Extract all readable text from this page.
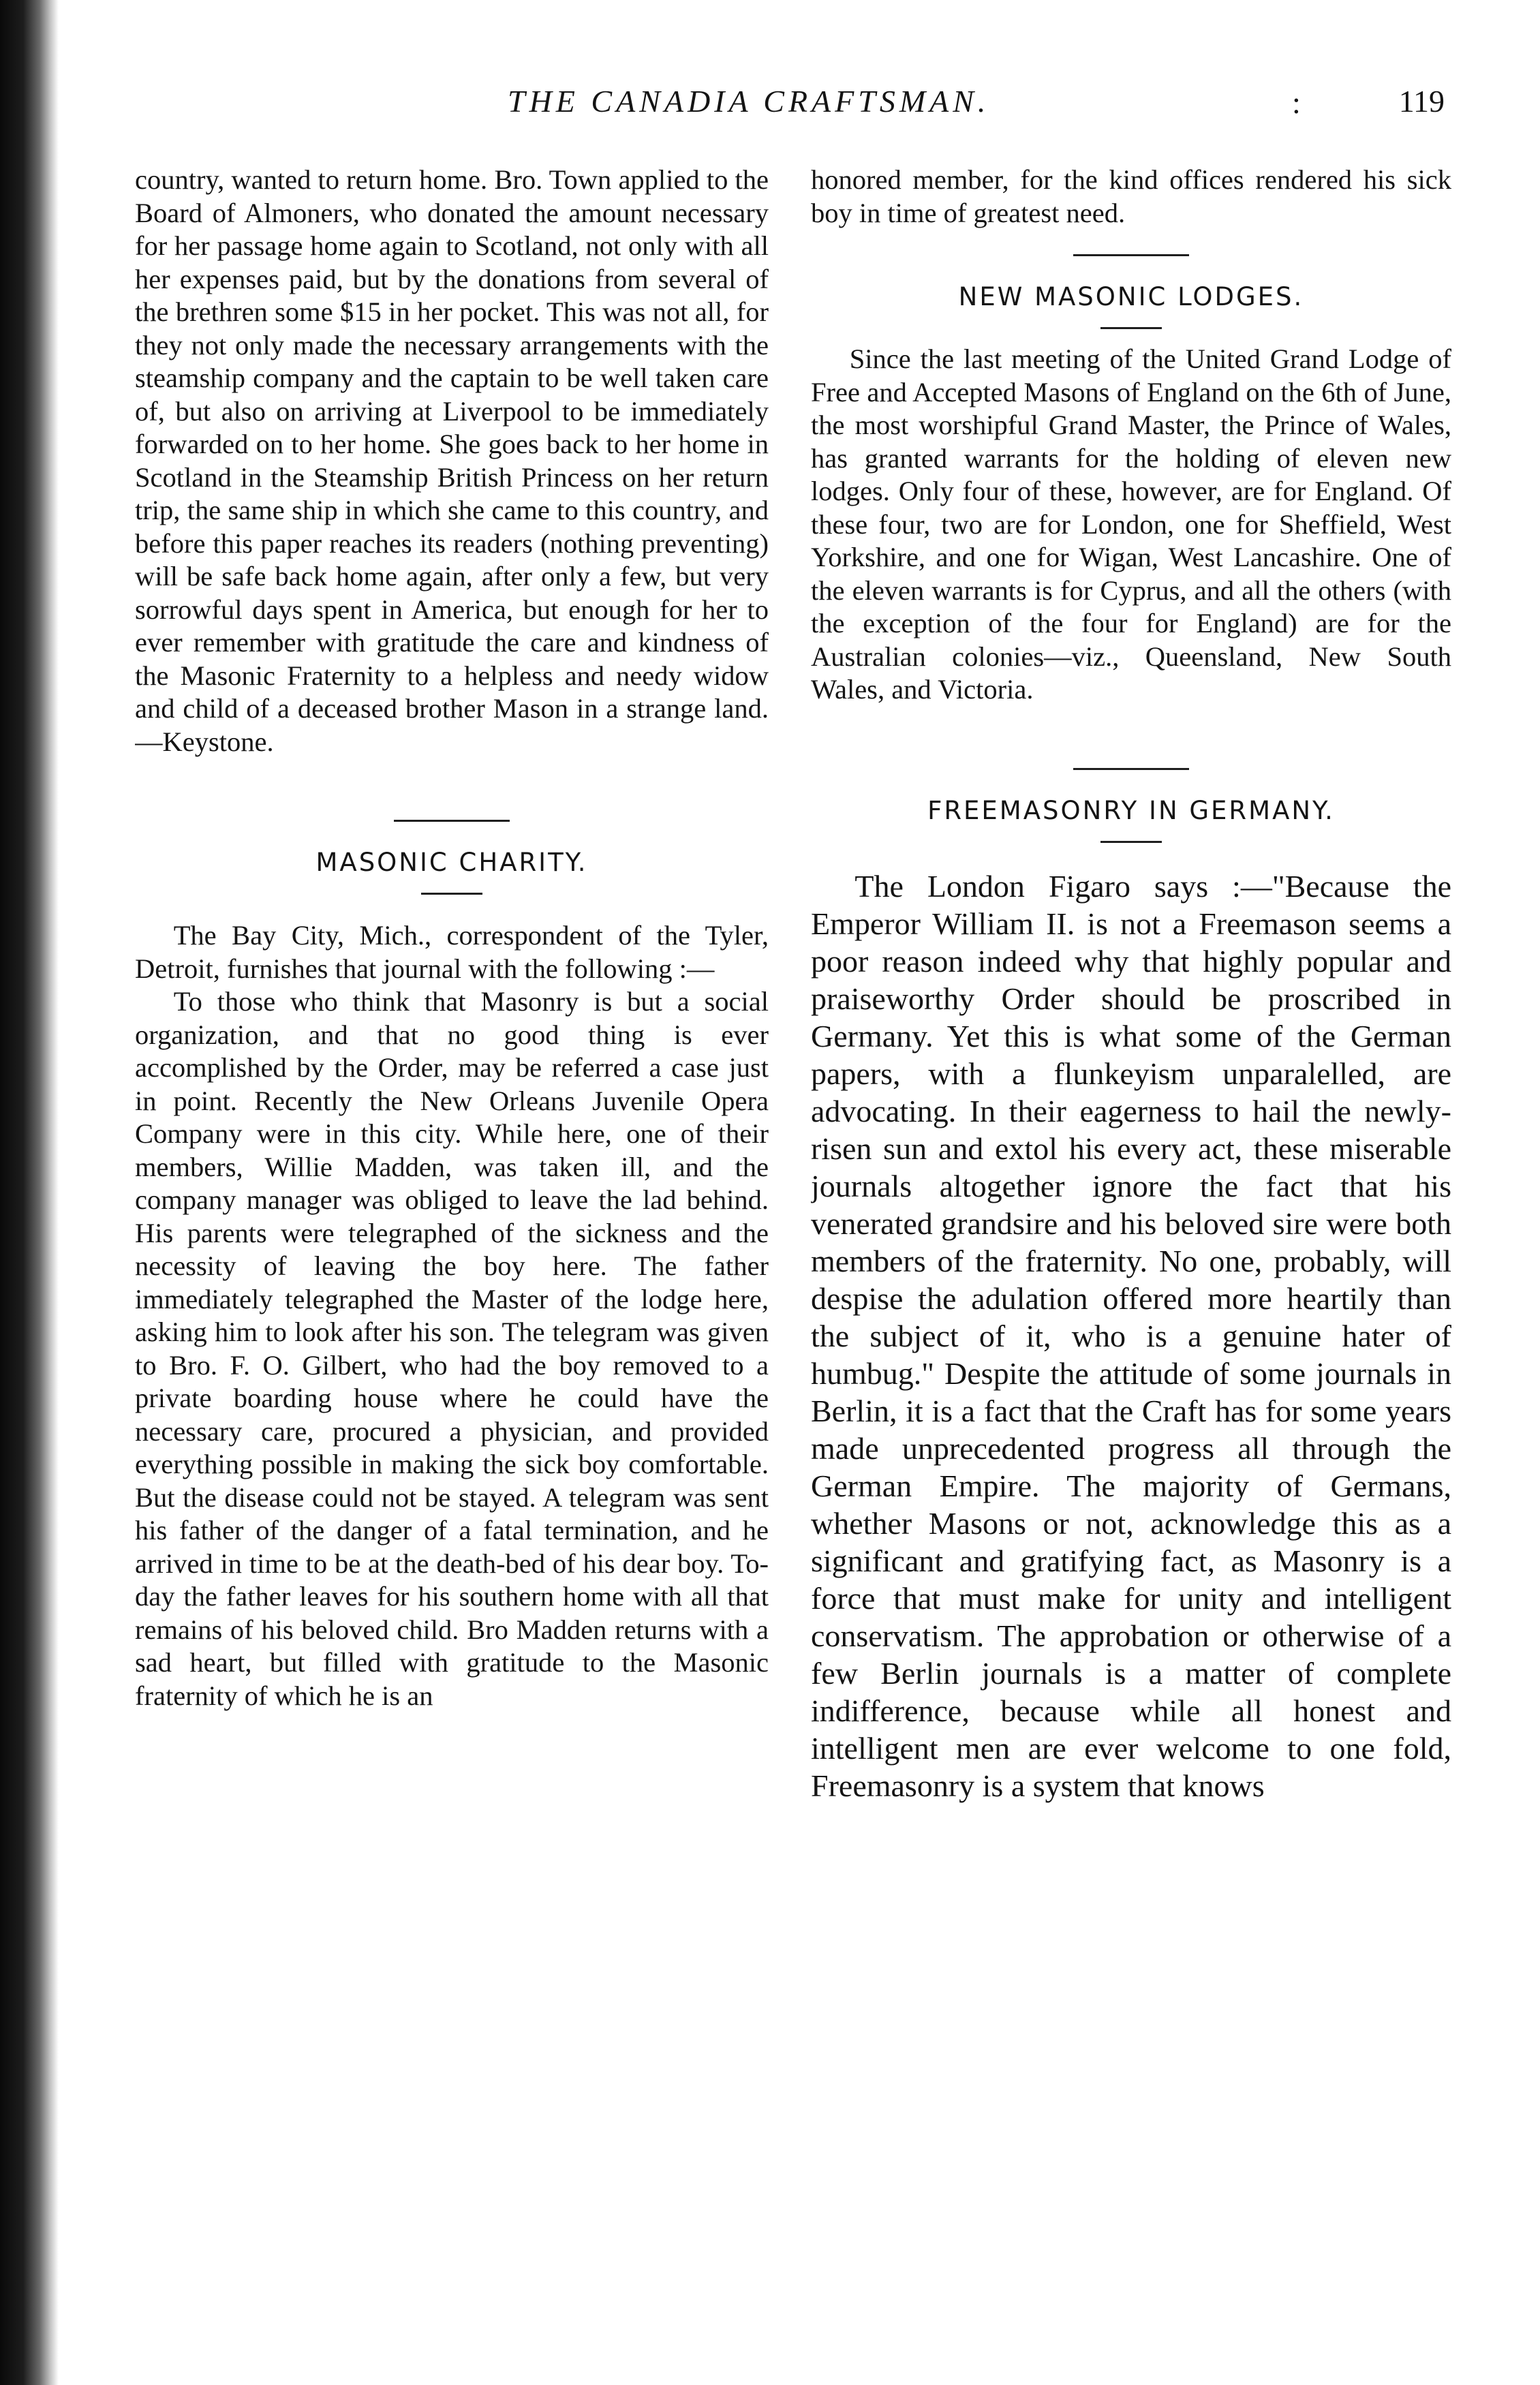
THE CANADIA CRAFTSMAN.	:	119

country, wanted to return home. Bro. Town applied to the Board of Almoners, who donated the amount necessary for her passage home again to Scotland, not only with all her expenses paid, but by the donations from several of the brethren some $15 in her pocket. This was not all, for they not only made the necessary arrangements with the steamship company and the captain to be well taken care of, but also on arriving at Liverpool to be immediately forwarded on to her home. She goes back to her home in Scotland in the Steamship British Princess on her return trip, the same ship in which she came to this country, and before this paper reaches its readers (nothing preventing) will be safe back home again, after only a few, but very sorrowful days spent in America, but enough for her to ever remember with gratitude the care and kindness of the Masonic Fraternity to a helpless and needy widow and child of a deceased brother Mason in a strange land.—Keystone.

MASONIC CHARITY.

The Bay City, Mich., correspondent of the Tyler, Detroit, furnishes that journal with the following :—

To those who think that Masonry is but a social organization, and that no good thing is ever accomplished by the Order, may be referred a case just in point. Recently the New Orleans Juvenile Opera Company were in this city. While here, one of their members, Willie Madden, was taken ill, and the company manager was obliged to leave the lad behind. His parents were telegraphed of the sickness and the necessity of leaving the boy here. The father immediately telegraphed the Master of the lodge here, asking him to look after his son. The telegram was given to Bro. F. O. Gilbert, who had the boy removed to a private boarding house where he could have the necessary care, procured a physician, and provided everything possible in making the sick boy comfortable. But the disease could not be stayed. A telegram was sent his father of the danger of a fatal termination, and he arrived in time to be at the death-bed of his dear boy. To-day the father leaves for his southern home with all that remains of his beloved child. Bro Madden returns with a sad heart, but filled with gratitude to the Masonic fraternity of which he is an

honored member, for the kind offices rendered his sick boy in time of greatest need.

NEW MASONIC LODGES.

Since the last meeting of the United Grand Lodge of Free and Accepted Masons of England on the 6th of June, the most worshipful Grand Master, the Prince of Wales, has granted warrants for the holding of eleven new lodges. Only four of these, however, are for England. Of these four, two are for London, one for Sheffield, West Yorkshire, and one for Wigan, West Lancashire. One of the eleven warrants is for Cyprus, and all the others (with the exception of the four for England) are for the Australian colonies—viz., Queensland, New South Wales, and Victoria.

FREEMASONRY IN GERMANY.

The London Figaro says :—"Because the Emperor William II. is not a Freemason seems a poor reason indeed why that highly popular and praiseworthy Order should be proscribed in Germany. Yet this is what some of the German papers, with a flunkeyism unparalelled, are advocating. In their eagerness to hail the newly-risen sun and extol his every act, these miserable journals altogether ignore the fact that his venerated grandsire and his beloved sire were both members of the fraternity. No one, probably, will despise the adulation offered more heartily than the subject of it, who is a genuine hater of humbug." Despite the attitude of some journals in Berlin, it is a fact that the Craft has for some years made unprecedented progress all through the German Empire. The majority of Germans, whether Masons or not, acknowledge this as a significant and gratifying fact, as Masonry is a force that must make for unity and intelligent conservatism. The approbation or otherwise of a few Berlin journals is a matter of complete indifference, because while all honest and intelligent men are ever welcome to one fold, Freemasonry is a system that knows
